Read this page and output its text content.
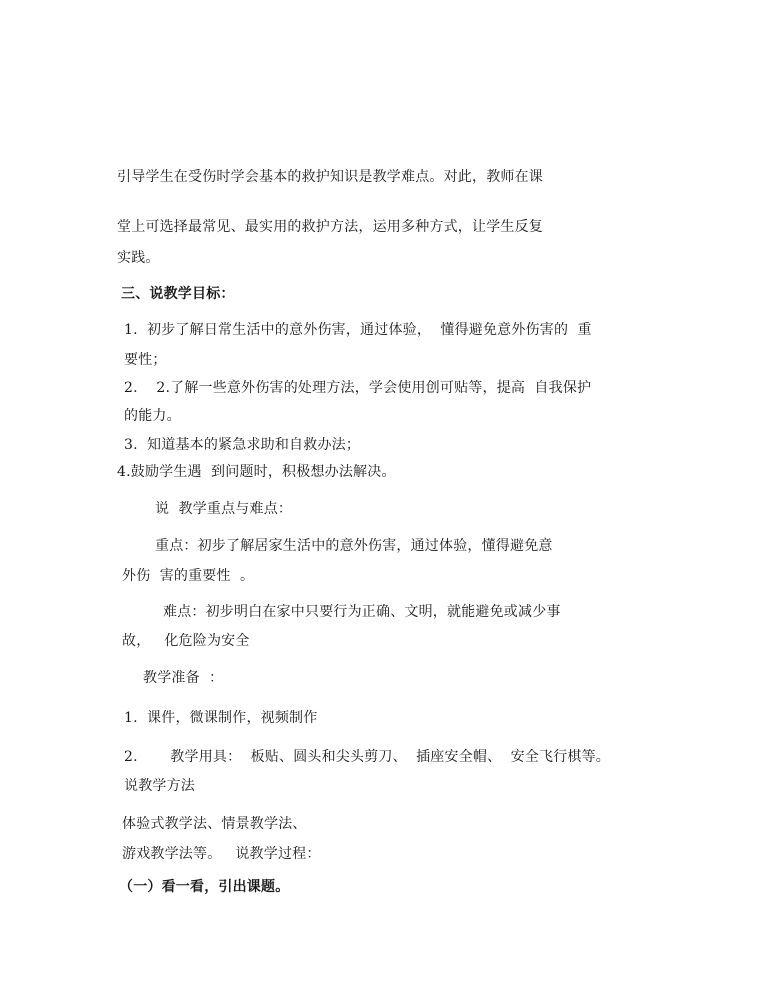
引导学生在受伤时学会基本的救护知识是教学难点。对此，教师在课
堂上可选择最常见、最实用的救护方法，运用多种方式，让学生反复
实践。
三、说教学目标：
1.  初步了解日常生活中的意外伤害，通过体验，  懂得避免意外伤害的  重
要性；
2.    2.了解一些意外伤害的处理方法，学会使用创可贴等，提高  自我保护
的能力。
3.  知道基本的紧急求助和自救办法；
4.鼓励学生遇  到问题时，积极想办法解决。
说  教学重点与难点：
重点：初步了解居家生活中的意外伤害，通过体验，懂得避免意
外伤  害的重要性  。
难点：初步明白在家中只要行为正确、文明，就能避免或减少事
故，   化危险为安全
教学准备  ：
1.  课件，微课制作，视频制作
2.       教学用具：  板贴、圆头和尖头剪刀、  插座安全帽、  安全飞行棋等。
说教学方法
体验式教学法、情景教学法、
游戏教学法等。   说教学过程：
（一）看一看，引出课题。
